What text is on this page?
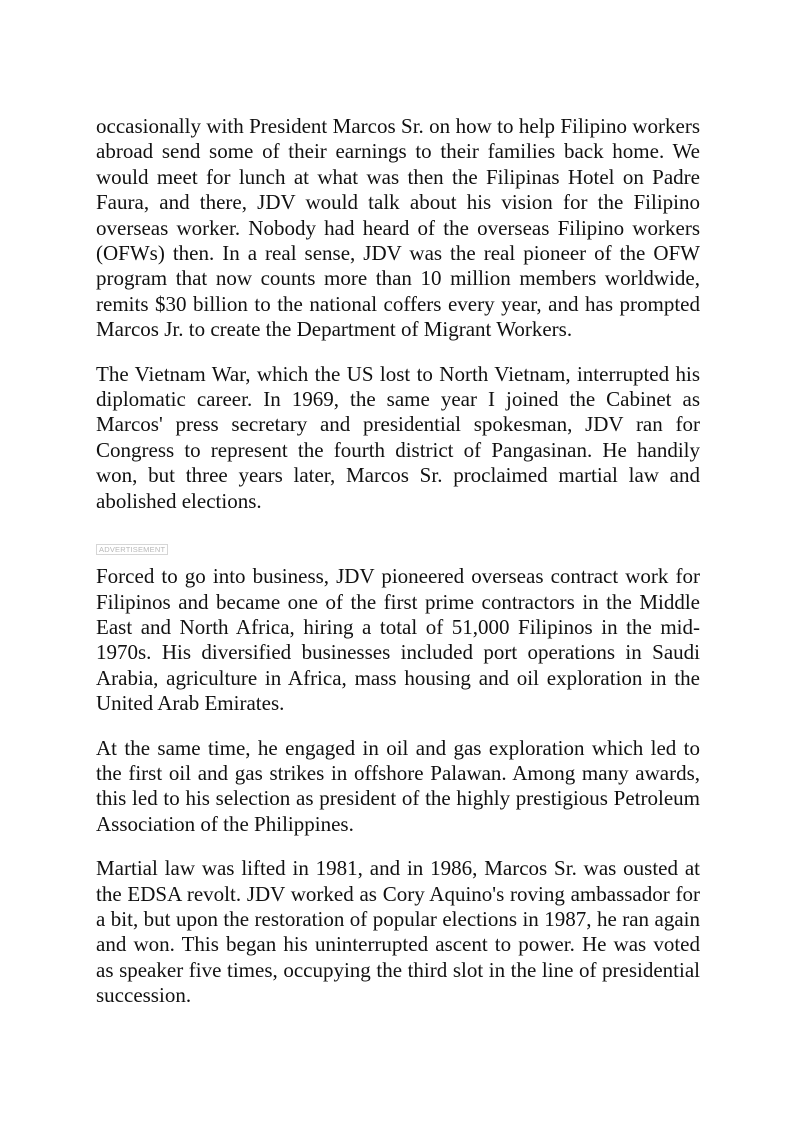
occasionally with President Marcos Sr. on how to help Filipino workers abroad send some of their earnings to their families back home. We would meet for lunch at what was then the Filipinas Hotel on Padre Faura, and there, JDV would talk about his vision for the Filipino overseas worker. Nobody had heard of the overseas Filipino workers (OFWs) then. In a real sense, JDV was the real pioneer of the OFW program that now counts more than 10 million members worldwide, remits $30 billion to the national coffers every year, and has prompted Marcos Jr. to create the Department of Migrant Workers.

The Vietnam War, which the US lost to North Vietnam, interrupted his diplomatic career. In 1969, the same year I joined the Cabinet as Marcos' press secretary and presidential spokesman, JDV ran for Congress to represent the fourth district of Pangasinan. He handily won, but three years later, Marcos Sr. proclaimed martial law and abolished elections.

ADVERTISEMENT

Forced to go into business, JDV pioneered overseas contract work for Filipinos and became one of the first prime contractors in the Middle East and North Africa, hiring a total of 51,000 Filipinos in the mid-1970s. His diversified businesses included port operations in Saudi Arabia, agriculture in Africa, mass housing and oil exploration in the United Arab Emirates.

At the same time, he engaged in oil and gas exploration which led to the first oil and gas strikes in offshore Palawan. Among many awards, this led to his selection as president of the highly prestigious Petroleum Association of the Philippines.

Martial law was lifted in 1981, and in 1986, Marcos Sr. was ousted at the EDSA revolt. JDV worked as Cory Aquino's roving ambassador for a bit, but upon the restoration of popular elections in 1987, he ran again and won. This began his uninterrupted ascent to power. He was voted as speaker five times, occupying the third slot in the line of presidential succession.
